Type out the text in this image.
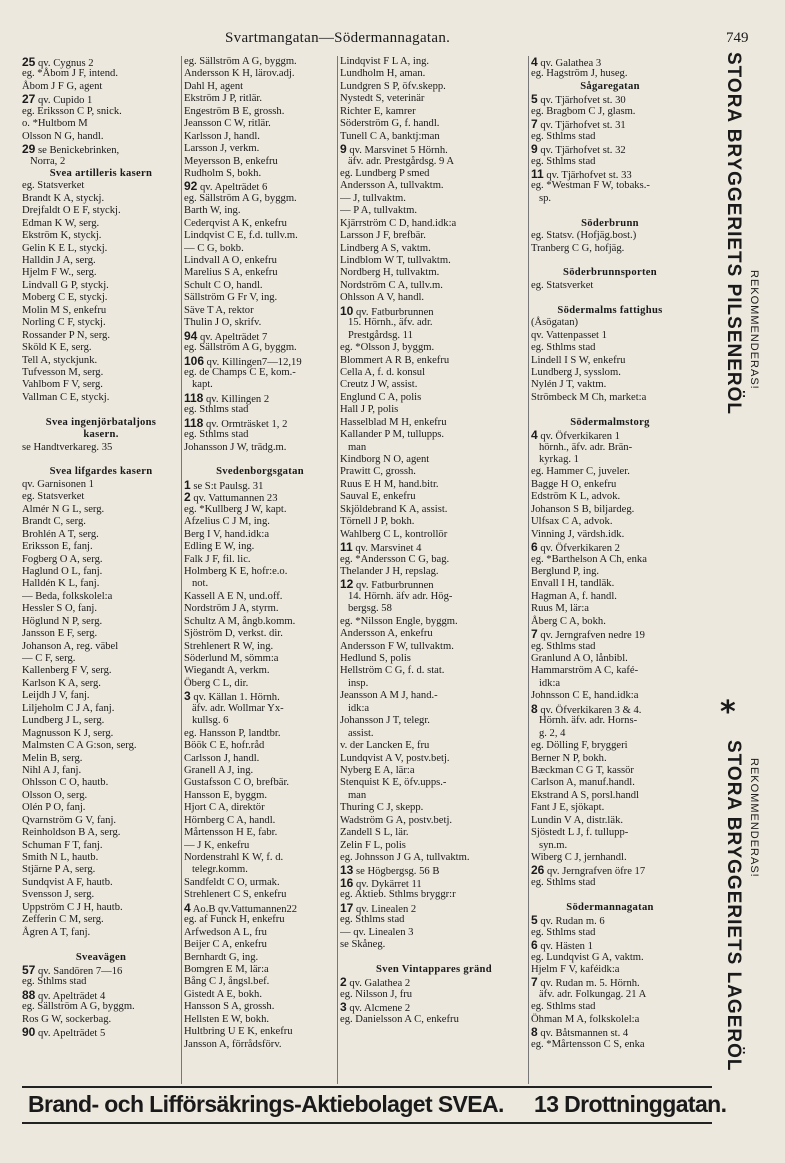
Svartmangatan—Södermannagatan.	749
25 qv. Cygnus 2
eg. *Åbom J F, intend.
Åbom J F G, agent
27 qv. Cupido 1
eg. Eriksson C P, snick.
o. *Hultbom M
Olsson N G, handl.
29 se Benickebrinken,
Norra, 2
Svea artilleris kasern
eg. Statsverket
Brandt K A, styckj.
Drejfaldt O E F, styckj.
Edman K W, serg.
Ekström K, styckj.
Gelin K E L, styckj.
Halldin J A, serg.
Hjelm F W., serg.
Lindvall G P, styckj.
Moberg C E, styckj.
Molin M S, enkefru
Norling C F, styckj.
Rossander P N, serg.
Sköld K E, serg.
Tell A, styckjunk.
Tufvesson M, serg.
Vahlbom F V, serg.
Vallman C E, styckj.

Svea ingenjörbataljons
kasern.
se Handtverkareg. 35

Svea lifgardes kasern
qv. Garnisonen 1
eg. Statsverket
Almér N G L, serg.
Brandt C, serg.
Brohlén A T, serg.
Eriksson E, fanj.
Fogberg O A, serg.
Haglund O L, fanj.
Halldén K L, fanj.
— Beda, folkskolel:a
Hessler S O, fanj.
Höglund N P, serg.
Jansson E F, serg.
Johanson A, reg. väbel
— C F, serg.
Kallenberg F V, serg.
Karlson K A, serg.
Leijdh J V, fanj.
Liljeholm C J A, fanj.
Lundberg J L, serg.
Magnusson K J, serg.
Malmsten C A G:son, serg.
Melin B, serg.
Nihl A J, fanj.
Ohlsson C O, hautb.
Olsson O, serg.
Olén P O, fanj.
Qvarnström G V, fanj.
Reinholdson B A, serg.
Schuman F T, fanj.
Smith N L, hautb.
Stjärne P A, serg.
Sundqvist A F, hautb.
Svensson J, serg.
Uppström C J H, hautb.
Zefferin C M, serg.
Ågren A T, fanj.

Sveavägen
57 qv. Sandören 7—16
eg. Sthlms stad
88 qv. Apelträdet 4
eg. Sällström A G, byggm.
Ros G W, sockerbag.
90 qv. Apelträdet 5
eg. Sällström A G, byggm.
Andersson K H, lärov.adj.
Dahl H, agent
Ekström J P, ritlär.
Engeström B E, grossh.
Jeansson C W, ritlär.
Karlsson J, handl.
Larsson J, verkm.
Meyersson B, enkefru
Rudholm S, bokh.
92 qv. Apelträdet 6
eg. Sällström A G, byggm.
Barth W, ing.
Cederqvist A K, enkefru
Lindqvist C E, f.d. tullv.m.
— C G, bokb.
Lindvall A O, enkefru
Marelius S A, enkefru
Schult C O, handl.
Sällström G Fr V, ing.
Säve T A, rektor
Thulin J O, skrifv.
94 qv. Apelträdet 7
eg. Sällström A G, byggm.
106 qv. Killingen7—12,19
eg. de Champs C E, kom.-
kapt.
118 qv. Killingen 2
eg. Sthlms stad
118 qv. Ormträsket 1, 2
eg. Sthlms stad
Johansson J W, trädg.m.

Svedenborgsgatan
1 se S:t Paulsg. 31
2 qv. Vattumannen 23
eg. *Kullberg J W, kapt.
Afzelius C J M, ing.
Berg I V, hand.idk:a
Edling E W, ing.
Falk J F, fil. lic.
Holmberg K E, hofr:e.o.
not.
Kassell A E N, und.off.
Nordström J A, styrm.
Schultz A M, ångb.komm.
Sjöström D, verkst. dir.
Strehlenert R W, ing.
Söderlund M, sömm:a
Wiegandt A, verkm.
Öberg C L, dir.
3 qv. Källan 1. Hörnh.
äfv. adr. Wollmar Yx-
kullsg. 6
eg. Hansson P, landtbr.
Böök C E, hofr.råd
Carlsson J, handl.
Granell A J, ing.
Gustafsson C O, brefbär.
Hansson E, byggm.
Hjort C A, direktör
Hörnberg C A, handl.
Mårtensson H E, fabr.
— J K, enkefru
Nordenstrahl K W, f. d.
telegr.komm.
Sandfeldt C O, urmak.
Strehlenert C S, enkefru
4 Ao.B qv.Vattumannen22
eg. af Funck H, enkefru
Arfwedson A L, fru
Beijer C A, enkefru
Bernhardt G, ing.
Bomgren E M, lär:a
Bång C J, ångsl.bef.
Gistedt A E, bokh.
Hansson S A, grossh.
Hellsten E W, bokh.
Hultbring U E K, enkefru
Jansson A, förrådsförv.
Lindqvist F L A, ing.
Lundholm H, aman.
Lundgren S P, öfv.skepp.
Nystedt S, veterinär
Richter E, kamrer
Söderström G, f. handl.
Tunell C A, banktj:man
9 qv. Marsvinet 5 Hörnh.
äfv. adr. Prestgårdsg. 9 A
eg. Lundberg P smed
Andersson A, tullvaktm.
— J, tullvaktm.
— P A, tullvaktm.
Kjärrström C D, hand.idk:a
Larsson J F, brefbär.
Lindberg A S, vaktm.
Lindblom W T, tullvaktm.
Nordberg H, tullvaktm.
Nordström C A, tullv.m.
Ohlsson A V, handl.
10 qv. Fatburbrunnen
15. Hörnh., äfv. adr.
Prestgårdsg. 11
eg. *Olsson J, byggm.
Blommert A R B, enkefru
Cella A, f. d. konsul
Creutz J W, assist.
Englund C A, polis
Hall J P, polis
Hasselblad M H, enkefru
Kallander P M, tullupps.
man
Kindborg N O, agent
Prawitt C, grossh.
Ruus E H M, hand.bitr.
Sauval E, enkefru
Skjöldebrand K A, assist.
Törnell J P, bokh.
Wahlberg C L, kontrollör
11 qv. Marsvinet 4
eg. *Andersson C G, bag.
Thelander J H, repslag.
12 qv. Fatburbrunnen
14. Hörnh. äfv adr. Hög-
bergsg. 58
eg. *Nilsson Engle, byggm.
Andersson A, enkefru
Andersson F W, tullvaktm.
Hedlund S, polis
Hellström C G, f. d. stat.
insp.
Jeansson A M J, hand.-
idk:a
Johansson J T, telegr.
assist.
v. der Lancken E, fru
Lundqvist A V, postv.betj.
Nyberg E A, lär:a
Stenquist K E, öfv.upps.-
man
Thuring C J, skepp.
Wadström G A, postv.betj.
Zandell S L, lär.
Zelin F L, polis
eg. Johnsson J G A, tullvaktm.
13 se Högbergsg. 56 B
16 qv. Dykärret 11
eg. Aktieb. Sthlms bryggr:r
17 qv. Linealen 2
eg. Sthlms stad
— qv. Linealen 3
se Skåneg.

Sven Vintappares gränd
2 qv. Galathea 2
eg. Nilsson J, fru
3 qv. Alcmene 2
eg. Danielsson A C, enkefru
4 qv. Galathea 3
eg. Hagström J, huseg.
Sågaregatan
5 qv. Tjärhofvet st. 30
eg. Bragbom C J, glasm.
7 qv. Tjärhofvet st. 31
eg. Sthlms stad
9 qv. Tjärhofvet st. 32
eg. Sthlms stad
11 qv. Tjärhofvet st. 33
eg. *Westman F W, tobaks.-
sp.

Söderbrunn
eg. Statsv. (Hofjäg.bost.)
Tranberg C G, hofjäg.

Söderbrunnsporten
eg. Statsverket

Södermalms fattighus
(Åsögatan)
qv. Vattenpasset 1
eg. Sthlms stad
Lindell I S W, enkefru
Lundberg J, sysslom.
Nylén J T, vaktm.
Strömbeck M Ch, market:a

Södermalmstorg
4 qv. Öfverkikaren 1
hörnh., äfv. adr. Brän-
kyrkag. 1
eg. Hammer C, juveler.
Bagge H O, enkefru
Edström K L, advok.
Johanson S B, biljardeg.
Ulfsax C A, advok.
Vinning J, värdsh.idk.
6 qv. Öfverkikaren 2
eg. *Barthelson A Ch, enka
Berglund P, ing.
Envall I H, tandläk.
Hagman A, f. handl.
Ruus M, lär:a
Åberg C A, bokh.
7 qv. Jerngrafven nedre 19
eg. Sthlms stad
Granlund A O, lånbibl.
Hammarström A C, kafé-
idk:a
Johnsson C E, hand.idk:a
8 qv. Öfverkikaren 3 & 4.
Hörnh. äfv. adr. Horns-
g. 2, 4
eg. Dölling F, bryggeri
Berner N P, bokh.
Bæckman C G T, kassör
Carlson A, manuf.handl.
Ekstrand A S, porsl.handl
Fant J E, sjökapt.
Lundin V A, distr.läk.
Sjöstedt L J, f. tullupp-
syn.m.
Wiberg C J, jernhandl.
26 qv. Jerngrafven öfre 17
eg. Sthlms stad

Södermannagatan
5 qv. Rudan m. 6
eg. Sthlms stad
6 qv. Hästen 1
eg. Lundqvist G A, vaktm.
Hjelm F V, kaféidk:a
7 qv. Rudan m. 5. Hörnh.
äfv. adr. Folkungag. 21 A
eg. Sthlms stad
Öhman M A, folkskolel:a
8 qv. Båtsmannen st. 4
eg. *Mårtensson C S, enka
STORA BRYGGERIETS PILSENERÖL REKOMMENDERAS!
*
STORA BRYGGERIETS LAGERÖL REKOMMENDERAS!
Brand- och Lifförsäkrings-Aktiebolaget SVEA. 13 Drottninggatan.
